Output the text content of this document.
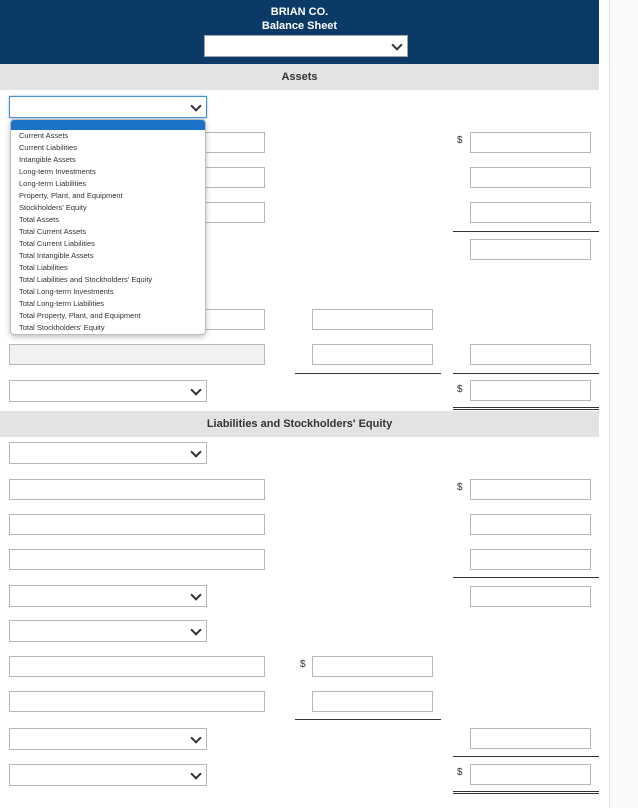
BRIAN CO.
Balance Sheet
Assets
$
$
Liabilities and Stockholders' Equity
$
$
$
Current Assets
Current Liabilities
Intangible Assets
Long-term Investments
Long-term Liabilities
Property, Plant, and Equipment
Stockholders' Equity
Total Assets
Total Current Assets
Total Current Liabilities
Total Intangible Assets
Total Liabilities
Total Liabilities and Stockholders' Equity
Total Long-term Investments
Total Long-term Liabilities
Total Property, Plant, and Equipment
Total Stockholders' Equity
